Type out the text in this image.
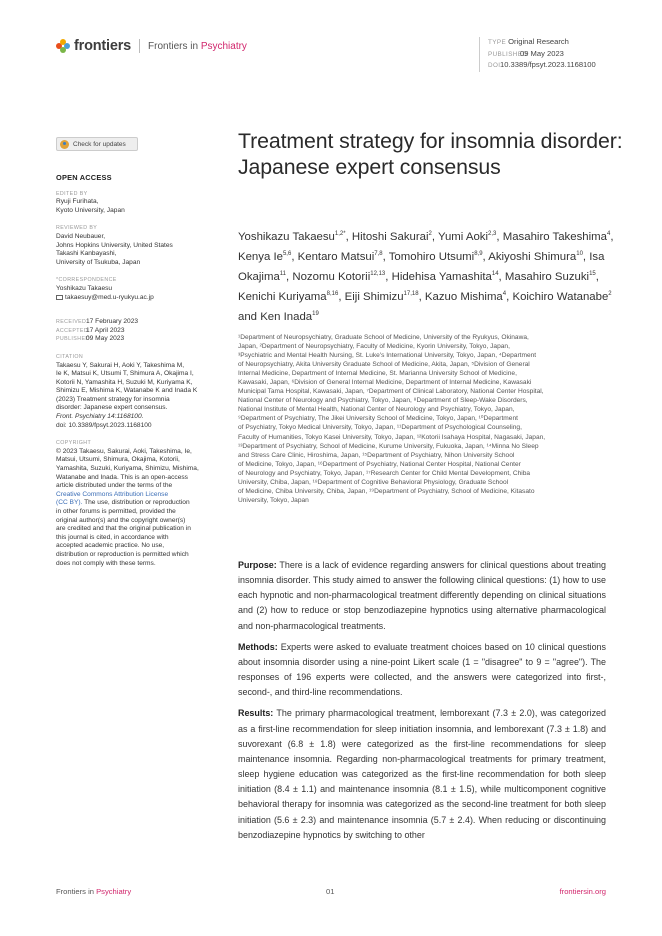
frontiers Frontiers in Psychiatry	TYPE Original Research
PUBLISHED09 May 2023
DOI10.3389/fpsyt.2023.1168100
Check for updates
OPEN ACCESS
EDITED BY
Ryuji Furihata,
Kyoto University, Japan
REVIEWED BY
David Neubauer,
Johns Hopkins University, United States
Takashi Kanbayashi,
University of Tsukuba, Japan
*CORRESPONDENCE
Yoshikazu Takaesu
takaesuy@med.u-ryukyu.ac.jp
RECEIVED17 February 2023
ACCEPTED17 April 2023
PUBLISHED09 May 2023
CITATION
Takaesu Y, Sakurai H, Aoki Y, Takeshima M,
Ie K, Matsui K, Utsumi T, Shimura A, Okajima I,
Kotorii N, Yamashita H, Suzuki M, Kuriyama K,
Shimizu E, Mishima K, Watanabe K and Inada K
(2023) Treatment strategy for insomnia
disorder: Japanese expert consensus.
Front. Psychiatry 14:1168100.
doi: 10.3389/fpsyt.2023.1168100
COPYRIGHT
© 2023 Takaesu, Sakurai, Aoki, Takeshima, Ie,
Matsui, Utsumi, Shimura, Okajima, Kotorii,
Yamashita, Suzuki, Kuriyama, Shimizu, Mishima,
Watanabe and Inada. This is an open-access
article distributed under the terms of the
Creative Commons Attribution License
(CC BY). The use, distribution or reproduction
in other forums is permitted, provided the
original author(s) and the copyright owner(s)
are credited and that the original publication in
this journal is cited, in accordance with
accepted academic practice. No use,
distribution or reproduction is permitted which
does not comply with these terms.
Treatment strategy for insomnia disorder: Japanese expert consensus
Yoshikazu Takaesu$^{1,2*}$, Hitoshi Sakurai$^2$, Yumi Aoki$^{2,3}$, Masahiro Takeshima$^4$, Kenya Ie$^{5,6}$, Kentaro Matsui$^{7,8}$, Tomohiro Utsumi$^{8,9}$, Akiyoshi Shimura$^{10}$, Isa Okajima$^{11}$, Nozomu Kotorii$^{12,13}$, Hidehisa Yamashita$^{14}$, Masahiro Suzuki$^{15}$, Kenichi Kuriyama$^{8,16}$, Eiji Shimizu$^{17,18}$, Kazuo Mishima$^4$, Koichiro Watanabe$^2$ and Ken Inada$^{19}$
¹Department of Neuropsychiatry, Graduate School of Medicine, University of the Ryukyus, Okinawa,
Japan, ²Department of Neuropsychiatry, Faculty of Medicine, Kyorin University, Tokyo, Japan,
³Psychiatric and Mental Health Nursing, St. Luke's International University, Tokyo, Japan, ⁴Department
of Neuropsychiatry, Akita University Graduate School of Medicine, Akita, Japan, ⁵Division of General
Internal Medicine, Department of Internal Medicine, St. Marianna University School of Medicine,
Kawasaki, Japan, ⁶Division of General Internal Medicine, Department of Internal Medicine, Kawasaki
Municipal Tama Hospital, Kawasaki, Japan, ⁷Department of Clinical Laboratory, National Center Hospital,
National Center of Neurology and Psychiatry, Tokyo, Japan, ⁸Department of Sleep-Wake Disorders,
National Institute of Mental Health, National Center of Neurology and Psychiatry, Tokyo, Japan,
⁹Department of Psychiatry, The Jikei University School of Medicine, Tokyo, Japan, ¹⁰Department
of Psychiatry, Tokyo Medical University, Tokyo, Japan, ¹¹Department of Psychological Counseling,
Faculty of Humanities, Tokyo Kasei University, Tokyo, Japan, ¹²Kotorii Isahaya Hospital, Nagasaki, Japan,
¹³Department of Psychiatry, School of Medicine, Kurume University, Fukuoka, Japan, ¹⁴Minna No Sleep
and Stress Care Clinic, Hiroshima, Japan, ¹⁵Department of Psychiatry, Nihon University School
of Medicine, Tokyo, Japan, ¹⁶Department of Psychiatry, National Center Hospital, National Center
of Neurology and Psychiatry, Tokyo, Japan, ¹⁷Research Center for Child Mental Development, Chiba
University, Chiba, Japan, ¹⁸Department of Cognitive Behavioral Physiology, Graduate School
of Medicine, Chiba University, Chiba, Japan, ¹⁹Department of Psychiatry, School of Medicine, Kitasato
University, Tokyo, Japan

Purpose: There is a lack of evidence regarding answers for clinical questions about treating insomnia disorder. This study aimed to answer the following clinical questions: (1) how to use each hypnotic and non-pharmacological treatment differently depending on clinical situations and (2) how to reduce or stop benzodiazepine hypnotics using alternative pharmacological and non-pharmacological treatments.

Methods: Experts were asked to evaluate treatment choices based on 10 clinical questions about insomnia disorder using a nine-point Likert scale (1 = "disagree" to 9 = "agree"). The responses of 196 experts were collected, and the answers were categorized into first-, second-, and third-line recommendations.

Results: The primary pharmacological treatment, lemborexant (7.3 ± 2.0), was categorized as a first-line recommendation for sleep initiation insomnia, and lemborexant (7.3 ± 1.8) and suvorexant (6.8 ± 1.8) were categorized as the first-line recommendations for sleep maintenance insomnia. Regarding non-pharmacological treatments for primary treatment, sleep hygiene education was categorized as the first-line recommendation for both sleep initiation (8.4 ± 1.1) and maintenance insomnia (8.1 ± 1.5), while multicomponent cognitive behavioral therapy for insomnia was categorized as the second-line treatment for both sleep initiation (5.6 ± 2.3) and maintenance insomnia (5.7 ± 2.4). When reducing or discontinuing benzodiazepine hypnotics by switching to other

Frontiers in Psychiatry	01	frontiersin.org
